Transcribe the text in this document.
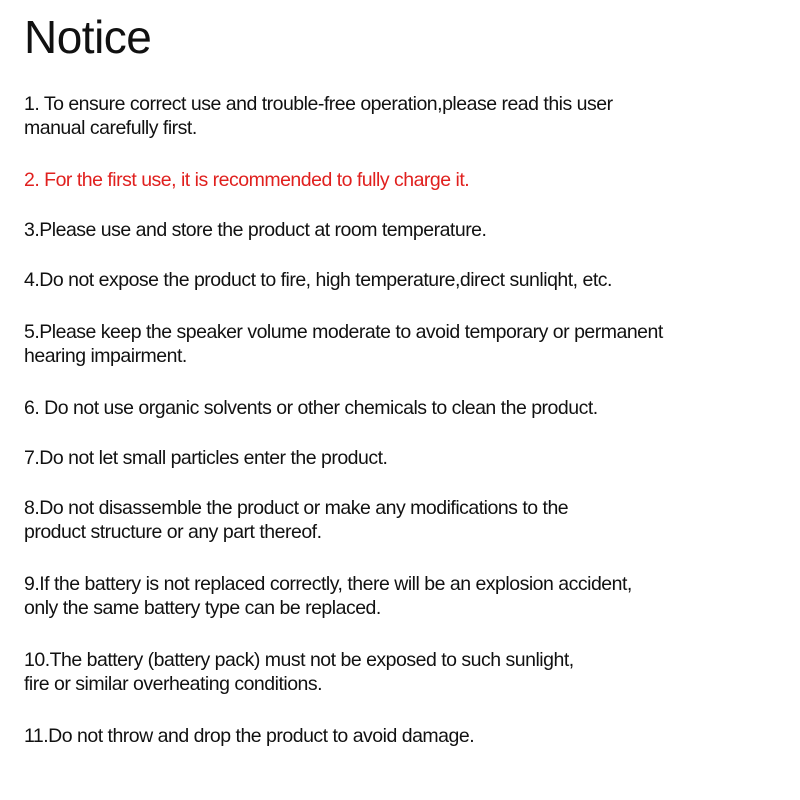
Notice

1. To ensure correct use and trouble-free operation,please read this user
manual carefully first.

2. For the first use, it is recommended to fully charge it.

3.Please use and store the product at room temperature.

4.Do not expose the product to fire, high temperature,direct sunliqht, etc.

5.Please keep the speaker volume moderate to avoid temporary or permanent
hearing impairment.

6. Do not use organic solvents or other chemicals to clean the product.

7.Do not let small particles enter the product.

8.Do not disassemble the product or make any modifications to the
product structure or any part thereof.

9.If the battery is not replaced correctly, there will be an explosion accident,
only the same battery type can be replaced.

10.The battery (battery pack) must not be exposed to such sunlight,
fire or similar overheating conditions.

11.Do not throw and drop the product to avoid damage.
